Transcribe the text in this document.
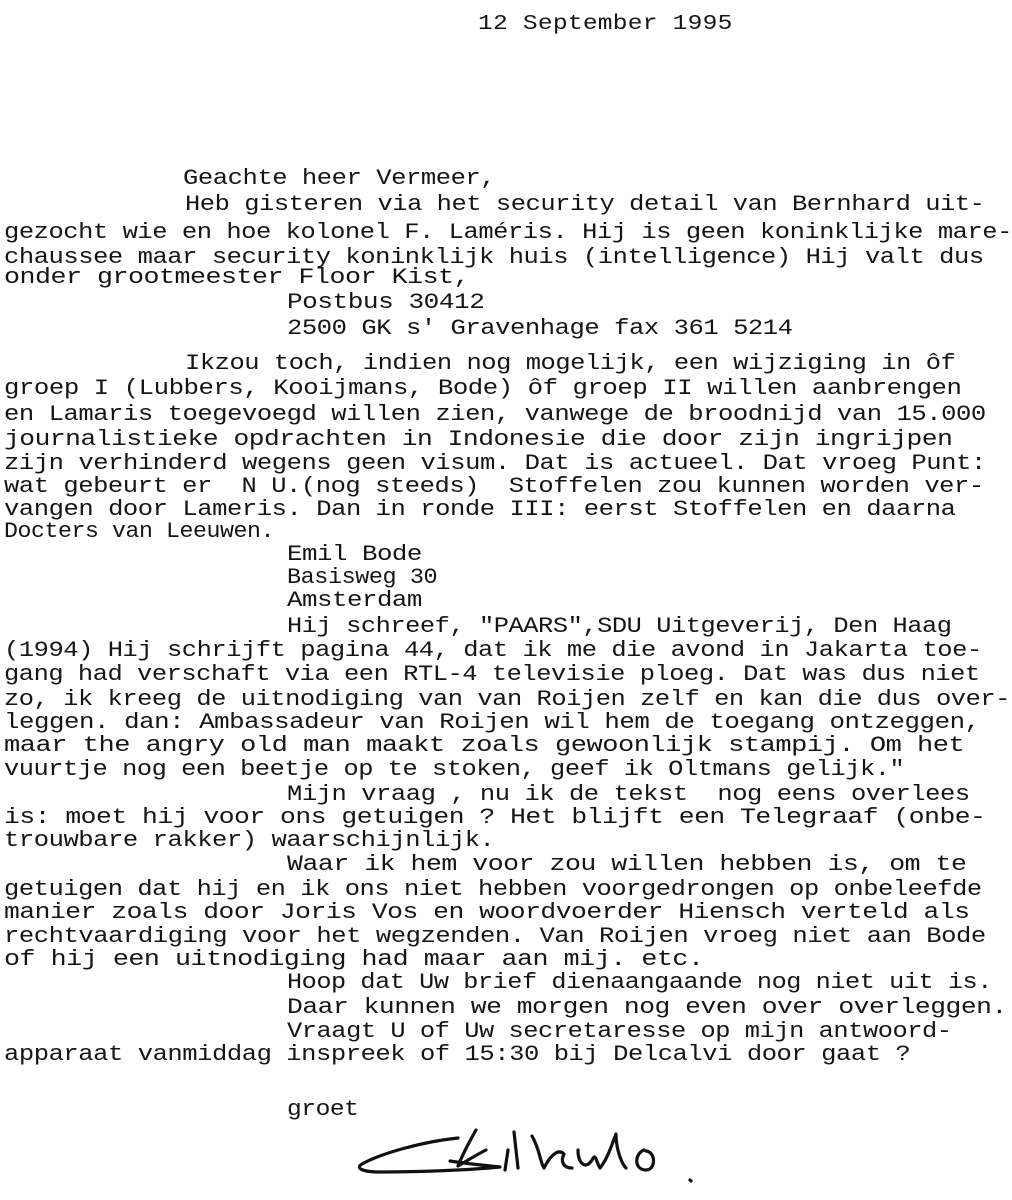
12 September 1995
Geachte heer Vermeer,
Heb gisteren via het security detail van Bernhard uit-
gezocht wie en hoe kolonel F. Laméris. Hij is geen koninklijke mare-
chaussee maar security koninklijk huis (intelligence) Hij valt dus
onder grootmeester Floor Kist,
Postbus 30412
2500 GK s' Gravenhage fax 361 5214
Ikzou toch, indien nog mogelijk, een wijziging in ôf
groep I (Lubbers, Kooijmans, Bode) ôf groep II willen aanbrengen
en Lamaris toegevoegd willen zien, vanwege de broodnijd van 15.000
journalistieke opdrachten in Indonesie die door zijn ingrijpen
zijn verhinderd wegens geen visum. Dat is actueel. Dat vroeg Punt:
wat gebeurt er  N U.(nog steeds)  Stoffelen zou kunnen worden ver-
vangen door Lameris. Dan in ronde III: eerst Stoffelen en daarna
Docters van Leeuwen.
Emil Bode
Basisweg 30
Amsterdam
Hij schreef, "PAARS",SDU Uitgeverij, Den Haag
(1994) Hij schrijft pagina 44, dat ik me die avond in Jakarta toe-
gang had verschaft via een RTL-4 televisie ploeg. Dat was dus niet
zo, ik kreeg de uitnodiging van van Roijen zelf en kan die dus over-
leggen. dan: Ambassadeur van Roijen wil hem de toegang ontzeggen,
maar the angry old man maakt zoals gewoonlijk stampij. Om het
vuurtje nog een beetje op te stoken, geef ik Oltmans gelijk."
Mijn vraag , nu ik de tekst  nog eens overlees
is: moet hij voor ons getuigen ? Het blijft een Telegraaf (onbe-
trouwbare rakker) waarschijnlijk.
Waar ik hem voor zou willen hebben is, om te
getuigen dat hij en ik ons niet hebben voorgedrongen op onbeleefde
manier zoals door Joris Vos en woordvoerder Hiensch verteld als
rechtvaardiging voor het wegzenden. Van Roijen vroeg niet aan Bode
of hij een uitnodiging had maar aan mij. etc.
Hoop dat Uw brief dienaangaande nog niet uit is.
Daar kunnen we morgen nog even over overleggen.
Vraagt U of Uw secretaresse op mijn antwoord-
apparaat vanmiddag inspreek of 15:30 bij Delcalvi door gaat ?
groet
